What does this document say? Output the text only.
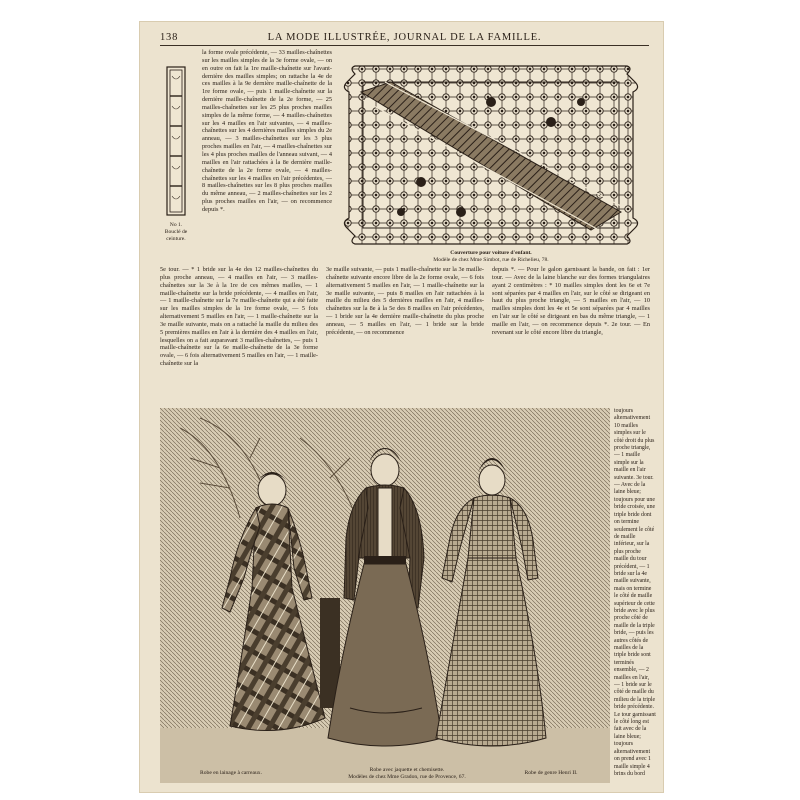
138	LA MODE ILLUSTRÉE, JOURNAL DE LA FAMILLE.
No 1.
Bouclé de
ceinture.

la forme ovale précédente, — 33 mailles-chaînettes sur les mailles simples de la 3e forme ovale, — on en outre on fait la 1re maille-chaînette sur l'avant-dernière des mailles simples; on rattache la 4e de ces mailles à la 9e dernière maille-chaînette de la 1re forme ovale, — puis 1 maille-chaînette sur la dernière maille-chaînette de la 2e forme, — 25 mailles-chaînettes sur les 25 plus proches mailles simples de la même forme, — 4 mailles-chaînettes sur les 4 mailles en l'air suivantes, — 4 mailles-chaînettes sur les 4 dernières mailles simples du 2e anneau, — 3 mailles-chaînettes sur les 3 plus proches mailles en l'air, — 4 mailles-chaînettes sur les 4 plus proches mailles de l'anneau suivant, — 4 mailles en l'air rattachées à la 8e dernière maille-chaînette de la 2e forme ovale, — 4 mailles-chaînettes sur les 4 mailles en l'air précédentes, — 8 mailles-chaînettes sur les 8 plus proches mailles du même anneau, — 2 mailles-chaînettes sur les 2 plus proches mailles en l'air, — on recommence depuis *.

Couverture pour voiture d'enfant.
Modèle de chez Mme Simbot, rue de Richelieu, 78.

5e tour. — * 1 bride sur la 4e des 12 mailles-chaînettes du plus proche anneau, — 4 mailles en l'air, — 3 mailles-chaînettes sur la 3e à la 1re de ces mêmes mailles, — 1 maille-chaînette sur la bride précédente, — 4 mailles en l'air, — 1 maille-chaînette sur la 7e maille-chaînette qui a été faite sur les mailles simples de la 1re forme ovale, — 5 fois alternativement 5 mailles en l'air, — 1 maille-chaînette sur la 3e maille suivante, mais on a rattaché la maille du milieu des 5 premières mailles en l'air à la dernière des 4 mailles en l'air, lesquelles on a fait auparavant 3 mailles-chaînettes, — puis 1 maille-chaînette sur la 6e maille-chaînette de la 3e forme ovale, — 6 fois alternativement 5 mailles en l'air, — 1 maille-chaînette sur la

3e maille suivante, — puis 1 maille-chaînette sur la 3e maille-chaînette suivante encore libre de la 2e forme ovale, — 6 fois alternativement 5 mailles en l'air, — 1 maille-chaînette sur la 3e maille suivante, — puis 8 mailles en l'air rattachées à la maille du milieu des 5 dernières mailles en l'air, 4 mailles-chaînettes sur la 8e à la 5e des 8 mailles en l'air précédentes, — 1 bride sur la 4e dernière maille-chaînette du plus proche anneau, — 5 mailles en l'air, — 1 bride sur la bride précédente, — on recommence

depuis *. — Pour le galon garnissant la bande, on fait : 1er tour. — Avec de la laine blanche sur des formes triangulaires ayant 2 centimètres : * 10 mailles simples dont les 6e et 7e sont séparées par 4 mailles en l'air, sur le côté se dirigeant en haut du plus proche triangle, — 5 mailles en l'air, — 10 mailles simples dont les 4e et 5e sont séparées par 4 mailles en l'air sur le côté se dirigeant en bas du même triangle, — 1 maille en l'air, — on recommence depuis *. 2e tour. — En revenant sur le côté encore libre du triangle,

toujours alternativement 10 mailles simples sur le côté droit du plus proche triangle, — 1 maille simple sur la maille en l'air suivante. 3e tour. — Avec de la laine bleue; toujours pour une bride croisée, une triple bride dont on termine seulement le côté de maille inférieur, sur la plus proche maille du tour précédent, — 1 bride sur la 4e maille suivante, mais on termine le côté de maille supérieur de cette bride avec le plus proche côté de maille de la triple bride, — puis les autres côtés de mailles de la triple bride sont terminés ensemble, — 2 mailles en l'air, — 1 bride sur le côté de maille du milieu de la triple bride précédente. Le tour garnissant le côté long est fait avec de la laine bleue; toujours alternativement on prend avec 1 maille simple 4 brins du bord

Robe en lainage à carreaux.	Robe avec jaquette et chemisette.
Modèles de chez Mme Gradon, rue de Provence, 67.
Robe de genre Henri II.
